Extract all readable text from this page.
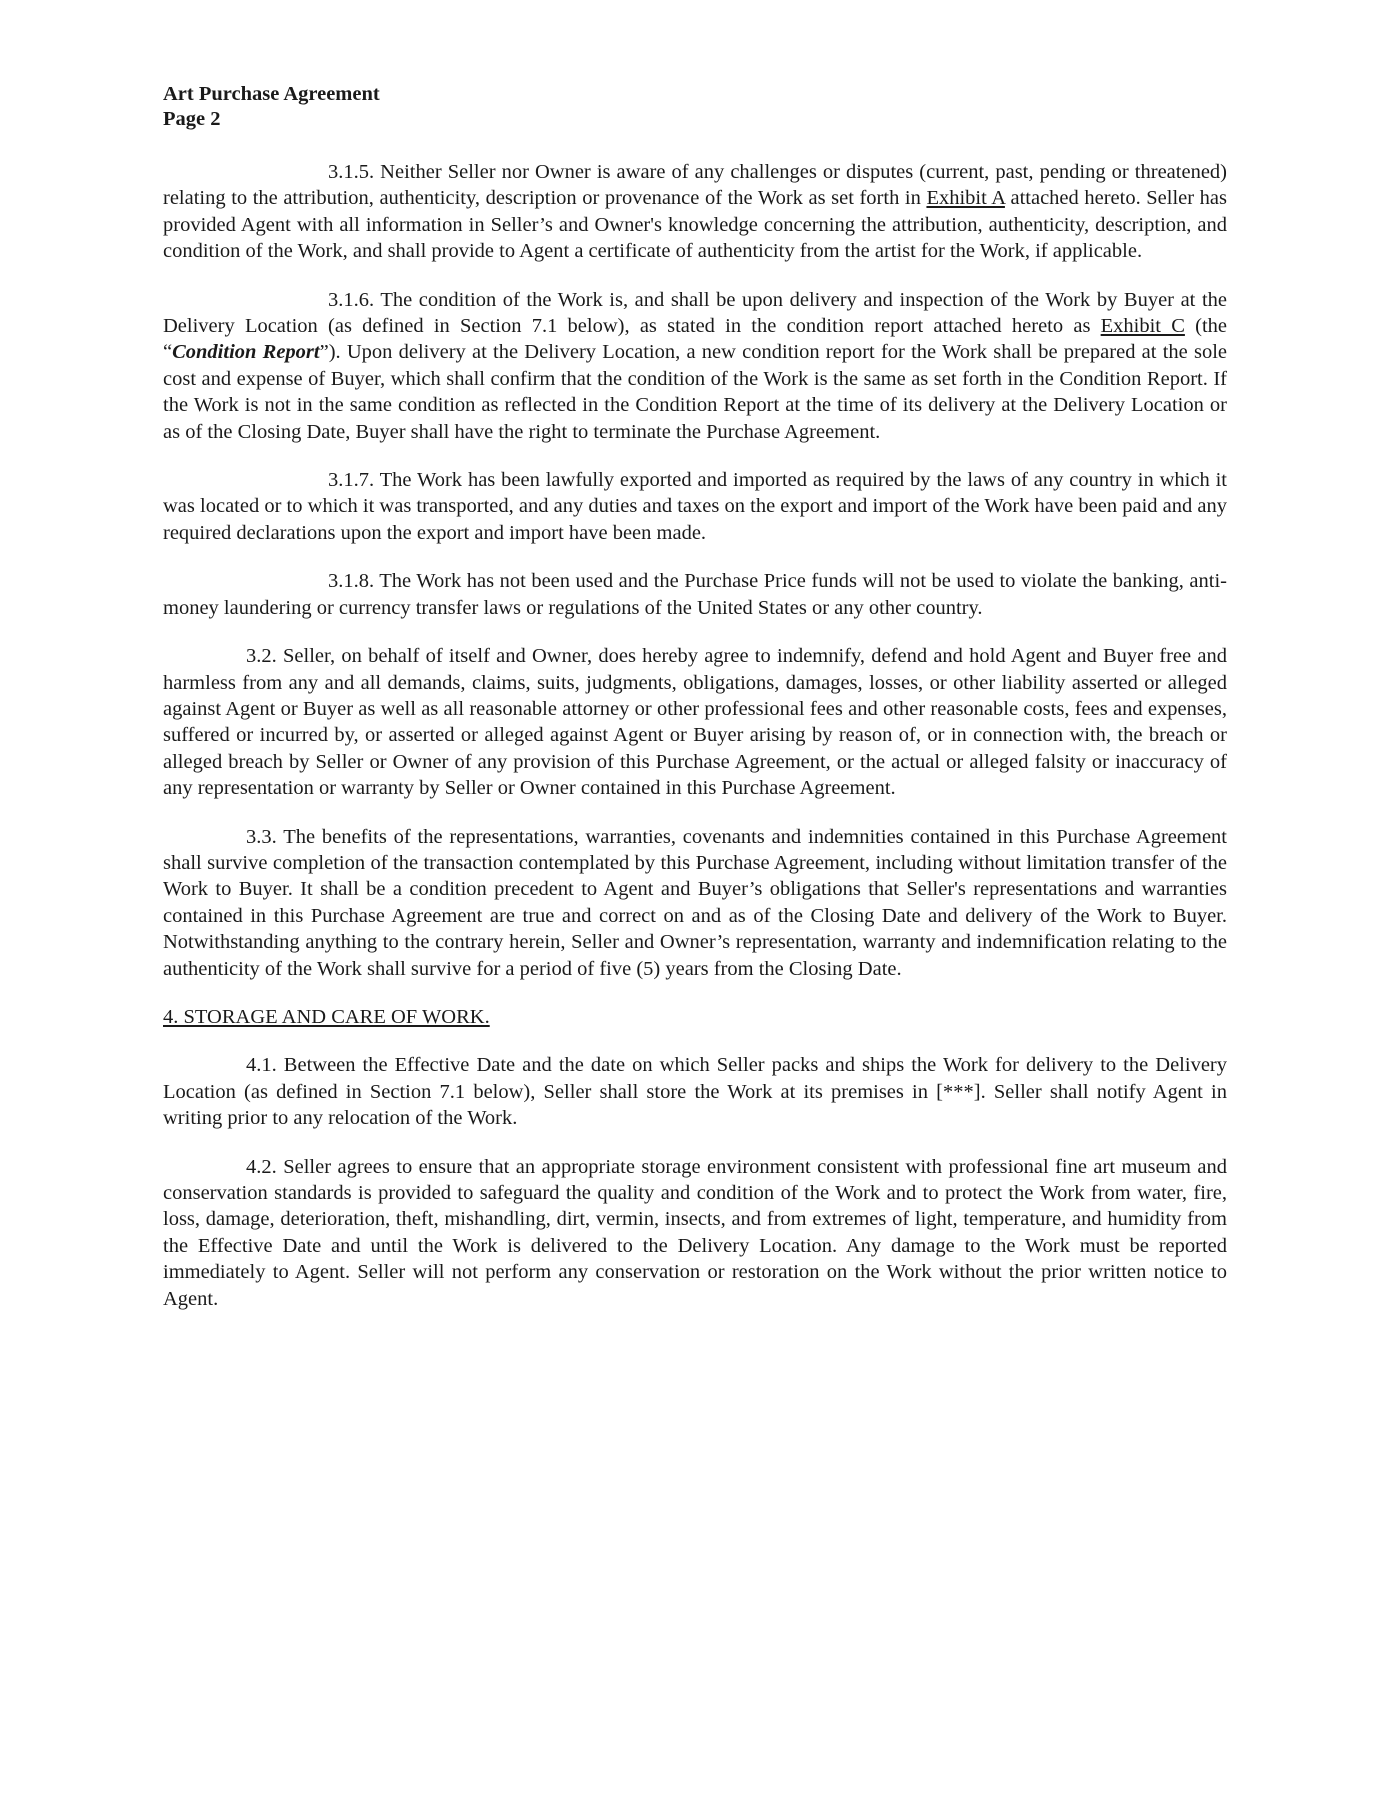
Art Purchase Agreement

Page 2

3.1.5. Neither Seller nor Owner is aware of any challenges or disputes (current, past, pending or threatened) relating to the attribution, authenticity, description or provenance of the Work as set forth in Exhibit A attached hereto. Seller has provided Agent with all information in Seller’s and Owner's knowledge concerning the attribution, authenticity, description, and condition of the Work, and shall provide to Agent a certificate of authenticity from the artist for the Work, if applicable.

3.1.6. The condition of the Work is, and shall be upon delivery and inspection of the Work by Buyer at the Delivery Location (as defined in Section 7.1 below), as stated in the condition report attached hereto as Exhibit C (the “Condition Report”). Upon delivery at the Delivery Location, a new condition report for the Work shall be prepared at the sole cost and expense of Buyer, which shall confirm that the condition of the Work is the same as set forth in the Condition Report. If the Work is not in the same condition as reflected in the Condition Report at the time of its delivery at the Delivery Location or as of the Closing Date, Buyer shall have the right to terminate the Purchase Agreement.

3.1.7. The Work has been lawfully exported and imported as required by the laws of any country in which it was located or to which it was transported, and any duties and taxes on the export and import of the Work have been paid and any required declarations upon the export and import have been made.

3.1.8. The Work has not been used and the Purchase Price funds will not be used to violate the banking, anti-money laundering or currency transfer laws or regulations of the United States or any other country.

3.2. Seller, on behalf of itself and Owner, does hereby agree to indemnify, defend and hold Agent and Buyer free and harmless from any and all demands, claims, suits, judgments, obligations, damages, losses, or other liability asserted or alleged against Agent or Buyer as well as all reasonable attorney or other professional fees and other reasonable costs, fees and expenses, suffered or incurred by, or asserted or alleged against Agent or Buyer arising by reason of, or in connection with, the breach or alleged breach by Seller or Owner of any provision of this Purchase Agreement, or the actual or alleged falsity or inaccuracy of any representation or warranty by Seller or Owner contained in this Purchase Agreement.

3.3. The benefits of the representations, warranties, covenants and indemnities contained in this Purchase Agreement shall survive completion of the transaction contemplated by this Purchase Agreement, including without limitation transfer of the Work to Buyer. It shall be a condition precedent to Agent and Buyer’s obligations that Seller's representations and warranties contained in this Purchase Agreement are true and correct on and as of the Closing Date and delivery of the Work to Buyer. Notwithstanding anything to the contrary herein, Seller and Owner’s representation, warranty and indemnification relating to the authenticity of the Work shall survive for a period of five (5) years from the Closing Date.

4. STORAGE AND CARE OF WORK.

4.1. Between the Effective Date and the date on which Seller packs and ships the Work for delivery to the Delivery Location (as defined in Section 7.1 below), Seller shall store the Work at its premises in [***]. Seller shall notify Agent in writing prior to any relocation of the Work.

4.2. Seller agrees to ensure that an appropriate storage environment consistent with professional fine art museum and conservation standards is provided to safeguard the quality and condition of the Work and to protect the Work from water, fire, loss, damage, deterioration, theft, mishandling, dirt, vermin, insects, and from extremes of light, temperature, and humidity from the Effective Date and until the Work is delivered to the Delivery Location. Any damage to the Work must be reported immediately to Agent. Seller will not perform any conservation or restoration on the Work without the prior written notice to Agent.
